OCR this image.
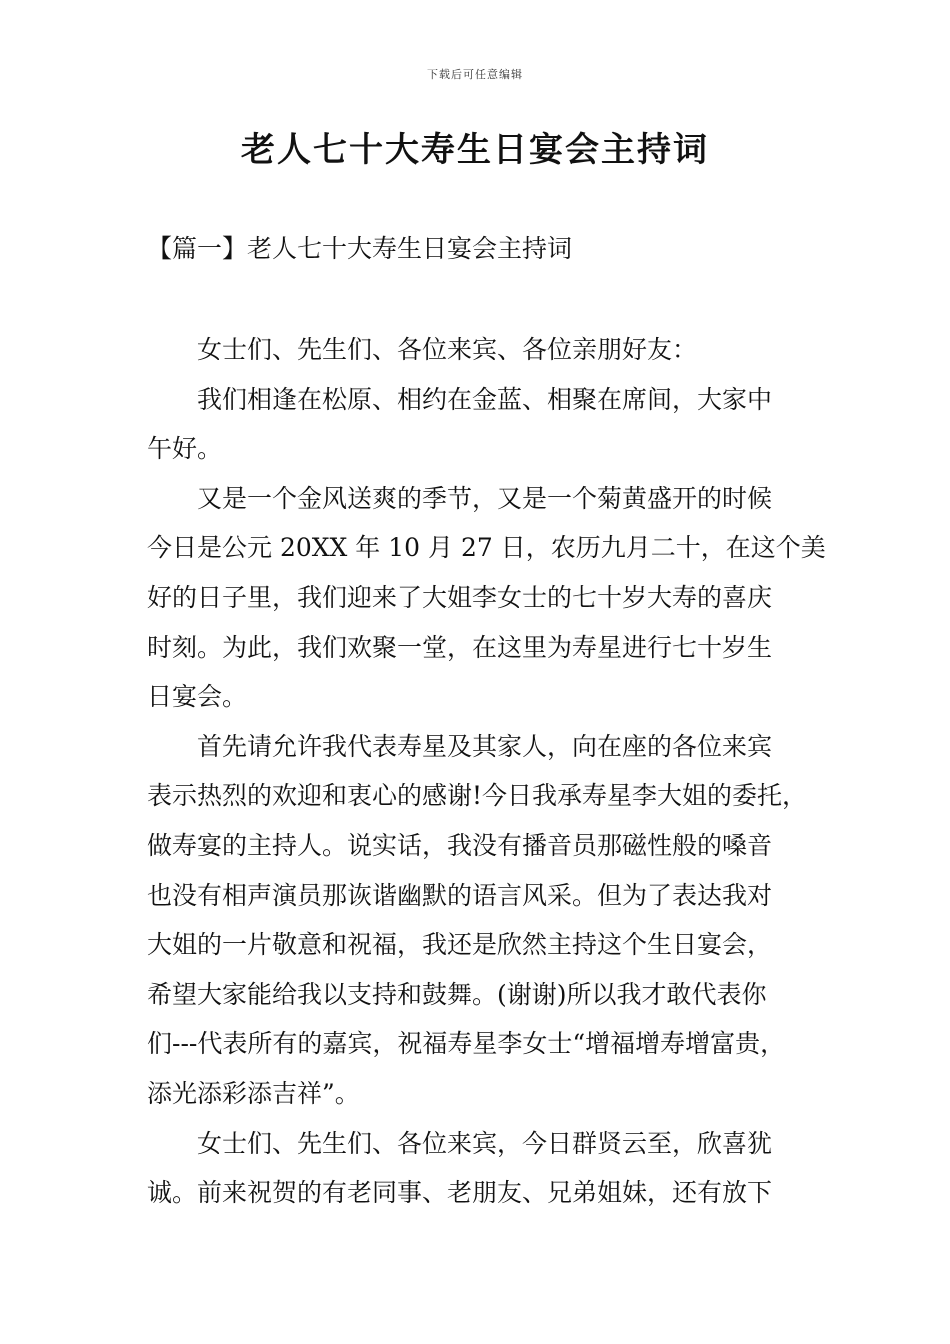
下载后可任意编辑
老人七十大寿生日宴会主持词
【篇一】老人七十大寿生日宴会主持词
女士们、先生们、各位来宾、各位亲朋好友：
我们相逢在松原、相约在金蓝、相聚在席间，大家中
午好。
又是一个金风送爽的季节，又是一个菊黄盛开的时候
今日是公元 20XX 年 10 月 27 日，农历九月二十，在这个美
好的日子里，我们迎来了大姐李女士的七十岁大寿的喜庆
时刻。为此，我们欢聚一堂，在这里为寿星进行七十岁生
日宴会。
首先请允许我代表寿星及其家人，向在座的各位来宾
表示热烈的欢迎和衷心的感谢!今日我承寿星李大姐的委托，
做寿宴的主持人。说实话，我没有播音员那磁性般的嗓音
也没有相声演员那诙谐幽默的语言风采。但为了表达我对
大姐的一片敬意和祝福，我还是欣然主持这个生日宴会，
希望大家能给我以支持和鼓舞。(谢谢)所以我才敢代表你
们---代表所有的嘉宾，祝福寿星李女士“增福增寿增富贵，
添光添彩添吉祥”。
女士们、先生们、各位来宾，今日群贤云至，欣喜犹
诚。前来祝贺的有老同事、老朋友、兄弟姐妹，还有放下
